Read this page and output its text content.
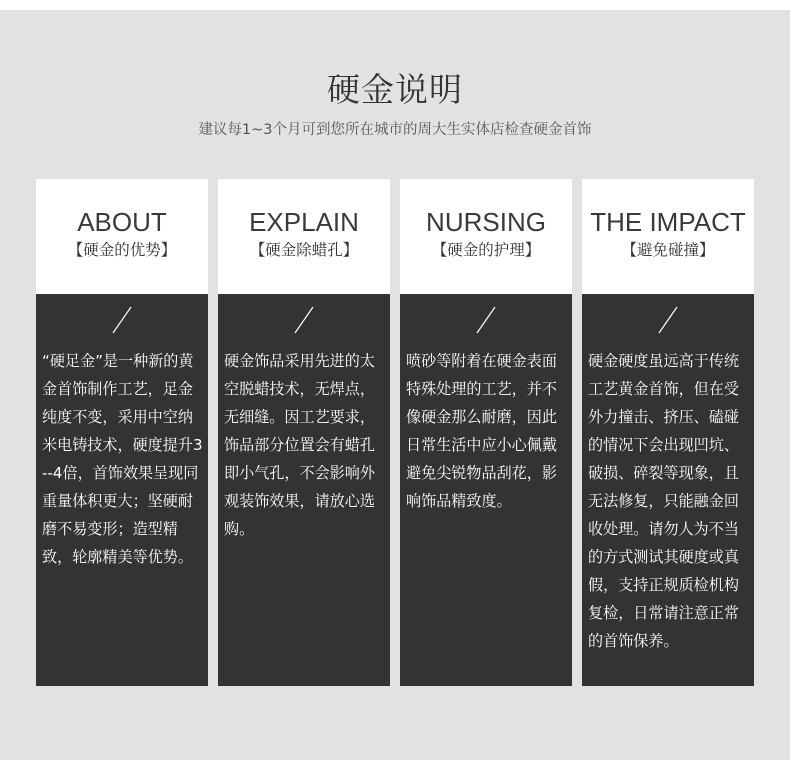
硬金说明
建议每1~3个月可到您所在城市的周大生实体店检查硬金首饰
ABOUT
【硬金的优势】
“硬足金”是一种新的黄金首饰制作工艺，足金纯度不变，采用中空纳米电铸技术，硬度提升3--4倍，首饰效果呈现同重量体积更大；坚硬耐磨不易变形；造型精致，轮廓精美等优势。
EXPLAIN
【硬金除蜡孔】
硬金饰品采用先进的太空脱蜡技术，无焊点，无细缝。因工艺要求，饰品部分位置会有蜡孔即小气孔，不会影响外观装饰效果，请放心选购。
NURSING
【硬金的护理】
喷砂等附着在硬金表面特殊处理的工艺，并不像硬金那么耐磨，因此日常生活中应小心佩戴避免尖锐物品刮花，影响饰品精致度。
THE IMPACT
【避免碰撞】
硬金硬度虽远高于传统工艺黄金首饰，但在受外力撞击、挤压、磕碰的情况下会出现凹坑、破损、碎裂等现象，且无法修复，只能融金回收处理。请勿人为不当的方式测试其硬度或真假，支持正规质检机构复检，日常请注意正常的首饰保养。
